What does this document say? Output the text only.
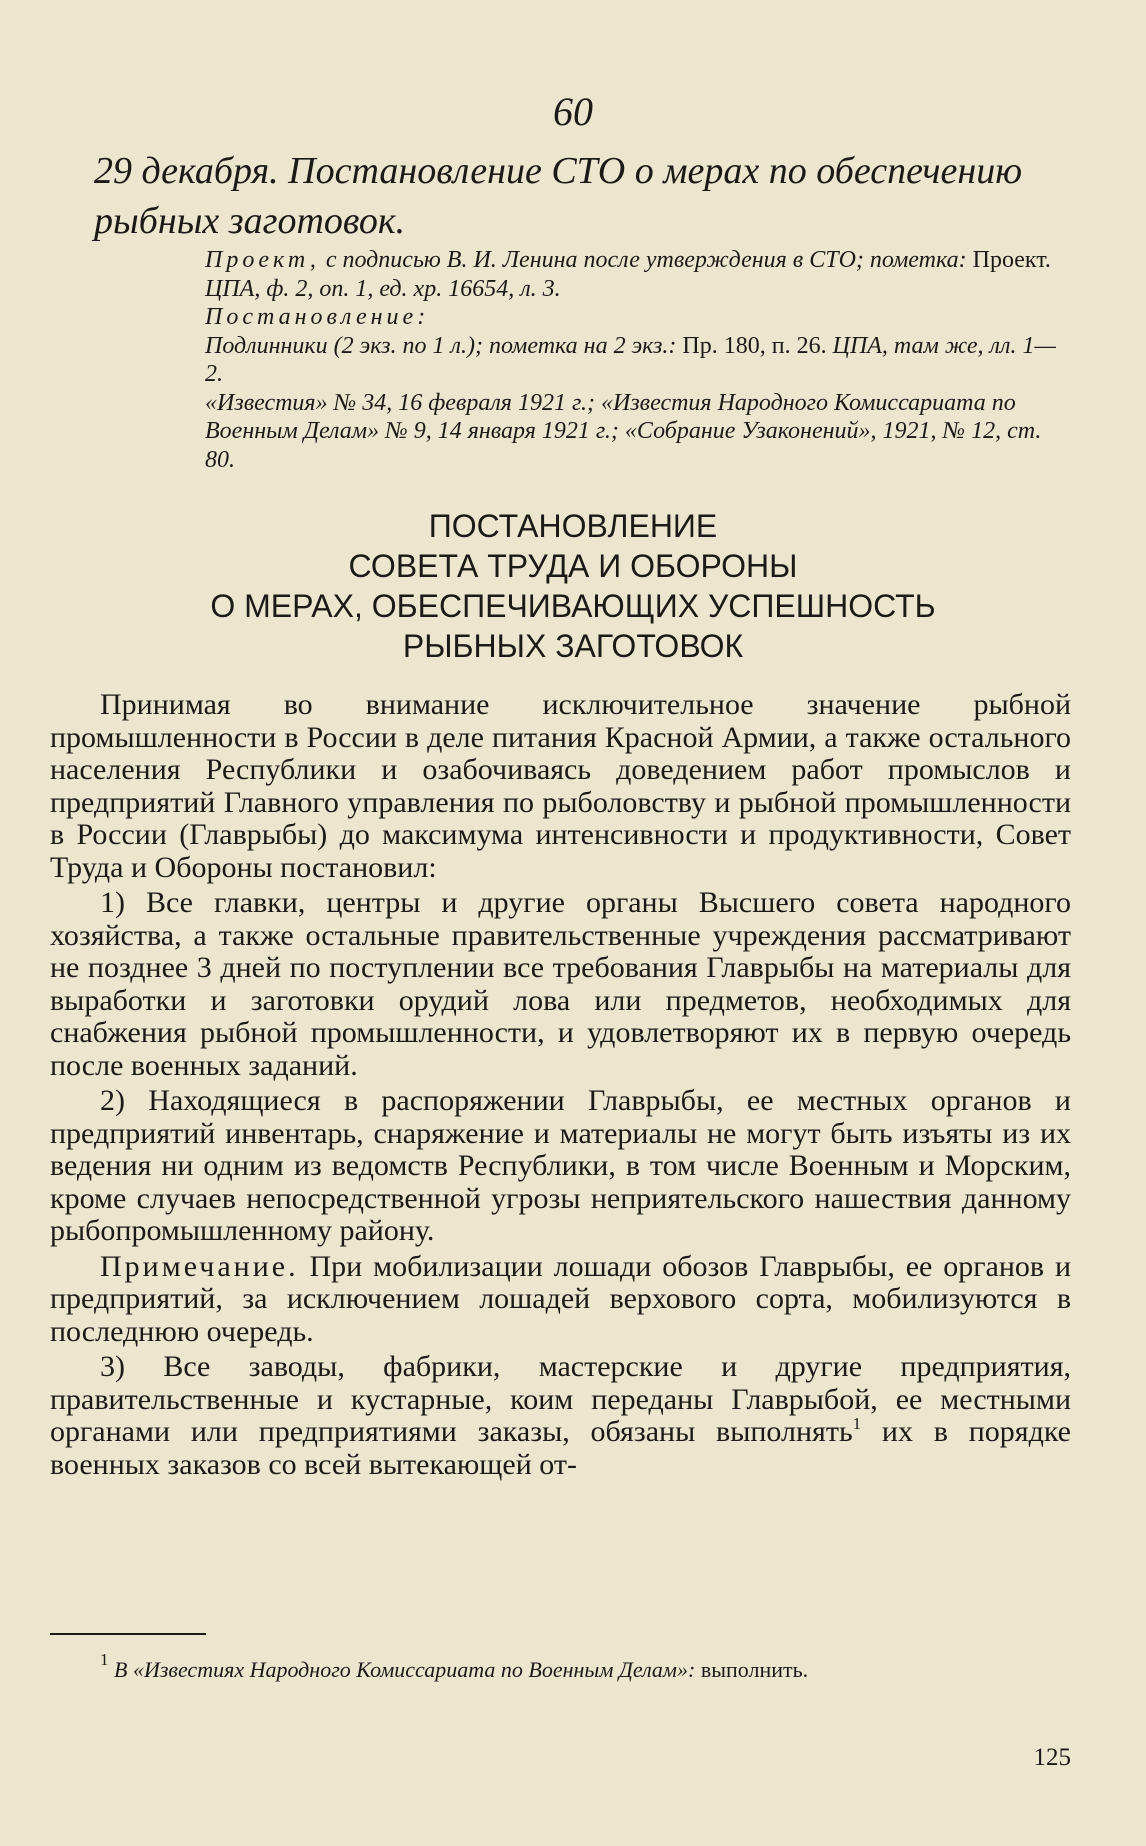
60
29 декабря. Постановление СТО о мерах по обеспечению рыбных заготовок.
Проект, с подписью В. И. Ленина после утверждения в СТО; пометка: Проект. ЦПА, ф. 2, оп. 1, ед. хр. 16654, л. 3.
Постановление:
Подлинники (2 экз. по 1 л.); пометка на 2 экз.: Пр. 180, п. 26. ЦПА, там же, лл. 1—2.
«Известия» № 34, 16 февраля 1921 г.; «Известия Народного Комиссариата по Военным Делам» № 9, 14 января 1921 г.; «Собрание Узаконений», 1921, № 12, ст. 80.
ПОСТАНОВЛЕНИЕ
СОВЕТА ТРУДА И ОБОРОНЫ
О МЕРАХ, ОБЕСПЕЧИВАЮЩИХ УСПЕШНОСТЬ
РЫБНЫХ ЗАГОТОВОК

Принимая во внимание исключительное значение рыбной промышленности в России в деле питания Красной Армии, а также остального населения Республики и озабочиваясь доведением работ промыслов и предприятий Главного управления по рыболовству и рыбной промышленности в России (Главрыбы) до максимума интенсивности и продуктивности, Совет Труда и Обороны постановил:

1) Все главки, центры и другие органы Высшего совета народного хозяйства, а также остальные правительственные учреждения рассматривают не позднее 3 дней по поступлении все требования Главрыбы на материалы для выработки и заготовки орудий лова или предметов, необходимых для снабжения рыбной промышленности, и удовлетворяют их в первую очередь после военных заданий.

2) Находящиеся в распоряжении Главрыбы, ее местных органов и предприятий инвентарь, снаряжение и материалы не могут быть изъяты из их ведения ни одним из ведомств Республики, в том числе Военным и Морским, кроме случаев непосредственной угрозы неприятельского нашествия данному рыбопромышленному району.

Примечание. При мобилизации лошади обозов Главрыбы, ее органов и предприятий, за исключением лошадей верхового сорта, мобилизуются в последнюю очередь.

3) Все заводы, фабрики, мастерские и другие предприятия, правительственные и кустарные, коим переданы Главрыбой, ее местными органами или предприятиями заказы, обязаны выполнять$^1$ их в порядке военных заказов со всей вытекающей от-

$^1$ В «Известиях Народного Комиссариата по Военным Делам»: выполнить.
125
